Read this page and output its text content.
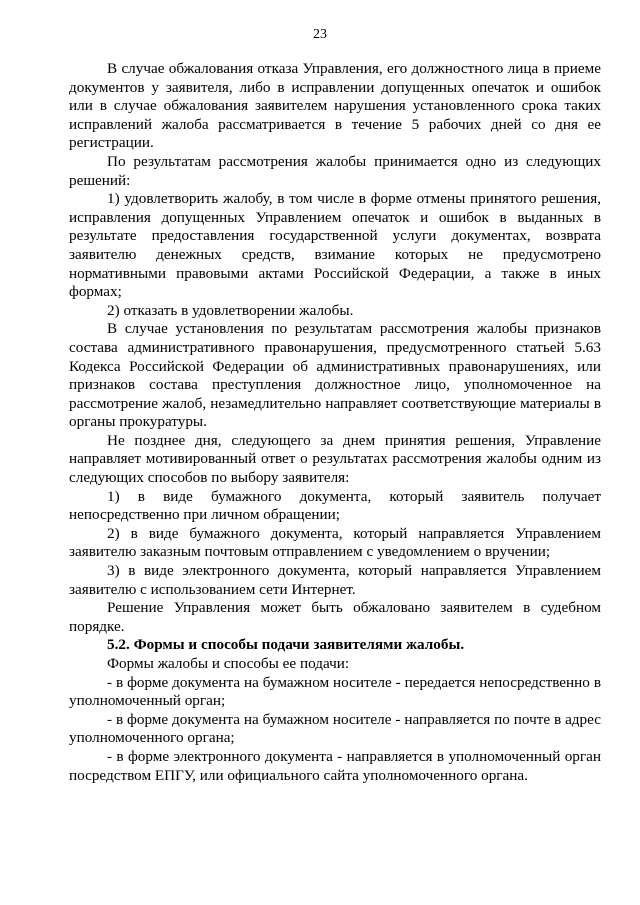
23

В случае обжалования отказа Управления, его должностного лица в приеме документов у заявителя, либо в исправлении допущенных опечаток и ошибок или в случае обжалования заявителем нарушения установленного срока таких исправлений жалоба рассматривается в течение 5 рабочих дней со дня ее регистрации.

По результатам рассмотрения жалобы принимается одно из следующих решений:

1) удовлетворить жалобу, в том числе в форме отмены принятого решения, исправления допущенных Управлением опечаток и ошибок в выданных в результате предоставления государственной услуги документах, возврата заявителю денежных средств, взимание которых не предусмотрено нормативными правовыми актами Российской Федерации, а также в иных формах;

2) отказать в удовлетворении жалобы.

В случае установления по результатам рассмотрения жалобы признаков состава административного правонарушения, предусмотренного статьей 5.63 Кодекса Российской Федерации об административных правонарушениях, или признаков состава преступления должностное лицо, уполномоченное на рассмотрение жалоб, незамедлительно направляет соответствующие материалы в органы прокуратуры.

Не позднее дня, следующего за днем принятия решения, Управление направляет мотивированный ответ о результатах рассмотрения жалобы одним из следующих способов по выбору заявителя:

1) в виде бумажного документа, который заявитель получает непосредственно при личном обращении;

2) в виде бумажного документа, который направляется Управлением заявителю заказным почтовым отправлением с уведомлением о вручении;

3) в виде электронного документа, который направляется Управлением заявителю с использованием сети Интернет.

Решение Управления может быть обжаловано заявителем в судебном порядке.

5.2. Формы и способы подачи заявителями жалобы.

Формы жалобы и способы ее подачи:

- в форме документа на бумажном носителе - передается непосредственно в уполномоченный орган;

- в форме документа на бумажном носителе - направляется по почте в адрес уполномоченного органа;

- в форме электронного документа - направляется в уполномоченный орган посредством ЕПГУ, или официального сайта уполномоченного органа.
